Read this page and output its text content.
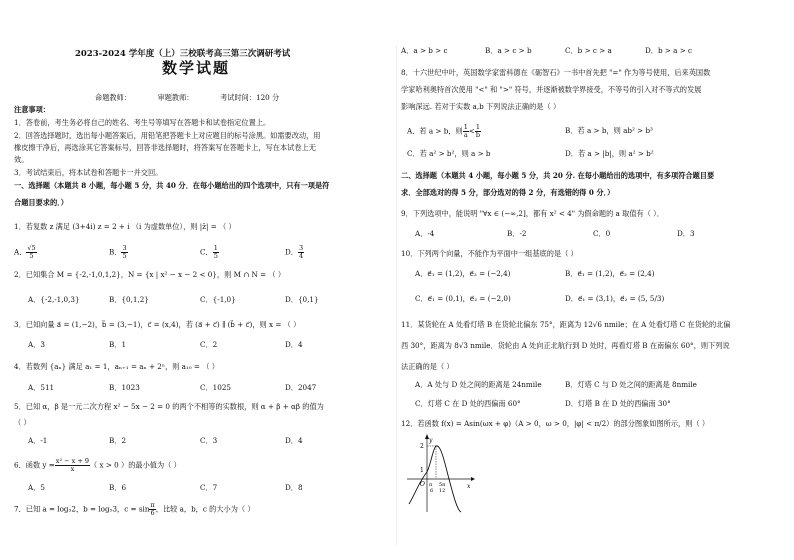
2023-2024 学年度（上）三校联考高三第三次调研考试
数学试题
命题教师：	审题教师：	考试时间：120 分
注意事项：
1．答卷前，考生务必将自己的姓名、考生号等填写在答题卡和试卷指定位置上。
2．回答选择题时，选出每小题答案后，用铅笔把答题卡上对应题目的标号涂黑。如需要改动，用
橡皮擦干净后，再选涂其它答案标号，回答非选择题时，将答案写在答题卡上，写在本试卷上无
效。
3．考试结束后，将本试卷和答题卡一并交回。
一、选择题（本题共 8 小题，每小题 5 分，共 40 分．在每小题给出的四个选项中，只有一项是符
合题目要求的．）
1．若复数 z 满足 (3+4i) z = 2 + i （i 为虚数单位），则 |z̄| = （ ）
A． $\frac{√5}{5}$	B． $\frac{3}{5}$	C． $\frac{1}{5}$	D． $\frac{3}{4}$
2．已知集合 M = {-2,-1,0,1,2}，N = {x | x² − x − 2 < 0}，则 M ∩ N = （ ）
A．{-2,-1,0,3}	B．{0,1,2}	C．{-1,0}	D．{0,1}
3．已知向量 a⃗ = (1,−2)，b⃗ = (3,−1)，c⃗ = (x,4)，若 (a⃗ + c⃗) ∥ (b⃗ + c⃗)，则 x = （ ）
A．3	B．1	C．2	D．4
4．若数列 {aₙ} 满足 a₁ = 1，aₙ₊₁ = aₙ + 2ⁿ，则 a₁₀ = （ ）
A．511	B．1023	C．1025	D．2047
5．已知 α，β 是一元二次方程 x² − 5x − 2 = 0 的两个不相等的实数根，则 α + β + αβ 的值为
（ ）
A．-1	B．2	C．3	D．4
6．函数 $y = \frac{\text{x² − x + 9}}{x}$ （ x > 0 ）的最小值为（ ）
A．5	B．6	C．7	D．8
7．已知 a = log₃2，b = log₅3，$c = \sin \frac{\pi}{6}$ ，比较 a，b，c 的大小为（ ）
A．a > b > c	B．a > c > b	C．b > c > a	D．b > a > c
8．十六世纪中叶，英国数学家雷科德在《砺智石》一书中首先把 "=" 作为等号使用，后来英国数
学家哈利奥特首次使用 "<" 和 ">" 符号，并逐渐被数学界接受，不等号的引入对不等式的发展
影响深远. 若对于实数 a,b 下列说法正确的是（ ）
A．若 a > b，则 $\frac{1}{a} < \frac{1}{b}$	B．若 a > b，则 ab² > b³
C．若 a² > b²，则 a > b	D．若 a > |b|，则 a² > b²
二、选择题（本题共 4 小题，每小题 5 分，共 20 分. 在每小题给出的选项中，有多项符合题目要
求．全部选对的得 5 分，部分选对的得 2 分，有选错的得 0 分．）
9．下列选项中，能说明 "∀x ∈ (−∞,2]，都有 x² < 4" 为假命题的 a 取值有（ ）．
A．-4	B．-2	C．0	D．3
10．下列两个向量，不能作为平面中一组基底的是（ ）
A．e⃗₁ = (1,2)，e⃗₂ = (−2,4)	B．e⃗₁ = (1,2)，e⃗₂ = (2,4)
C．e⃗₁ = (0,1)，e⃗₂ = (−2,0)	D．e⃗₁ = (3,1)，e⃗₂ = (5, 5/3)
11．某货轮在 A 处看灯塔 B 在货轮北偏东 75°，距离为 12√6 nmile；在 A 处看灯塔 C 在货轮的北偏
西 30°，距离为 8√3 nmile．货轮由 A 处向正北航行到 D 处时，再看灯塔 B 在南偏东 60°，则下列说
法正确的是（ ）
A．A 处与 D 处之间的距离是 24nmile	B．灯塔 C 与 D 处之间的距离是 8nmile
C．灯塔 C 在 D 处的西偏南 60°	D．灯塔 B 在 D 处的西偏南 30°
12．若函数 f(x) = Asin(ωx + φ)（A > 0，ω > 0，|φ| < π/2）的部分图象如图所示，则（ ）
y
2
1
O π
6
5π
12
x
